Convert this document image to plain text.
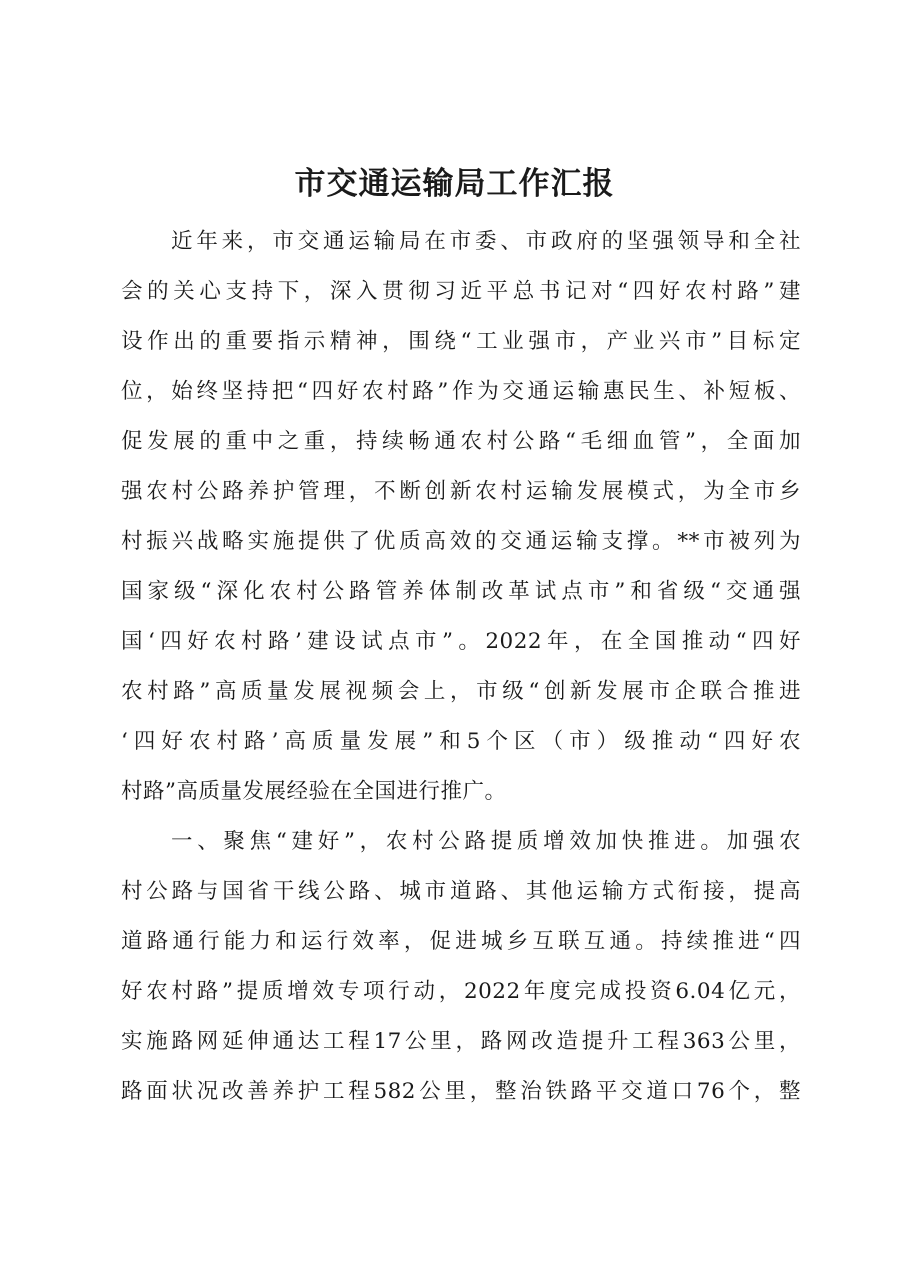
市交通运输局工作汇报
近年来，市交通运输局在市委、市政府的坚强领导和全社
会的关心支持下，深入贯彻习近平总书记对“四好农村路”建
设作出的重要指示精神，围绕“工业强市，产业兴市”目标定
位，始终坚持把“四好农村路”作为交通运输惠民生、补短板、
促发展的重中之重，持续畅通农村公路“毛细血管”，全面加
强农村公路养护管理，不断创新农村运输发展模式，为全市乡
村振兴战略实施提供了优质高效的交通运输支撑。**市被列为
国家级“深化农村公路管养体制改革试点市”和省级“交通强
国‘四好农村路’建设试点市”。2022年，在全国推动“四好
农村路”高质量发展视频会上，市级“创新发展市企联合推进
‘四好农村路’高质量发展”和5个区（市）级推动“四好农
村路”高质量发展经验在全国进行推广。
一、聚焦“建好”，农村公路提质增效加快推进。加强农
村公路与国省干线公路、城市道路、其他运输方式衔接，提高
道路通行能力和运行效率，促进城乡互联互通。持续推进“四
好农村路”提质增效专项行动，2022年度完成投资6.04亿元，
实施路网延伸通达工程17公里，路网改造提升工程363公里，
路面状况改善养护工程582公里，整治铁路平交道口76个，整
